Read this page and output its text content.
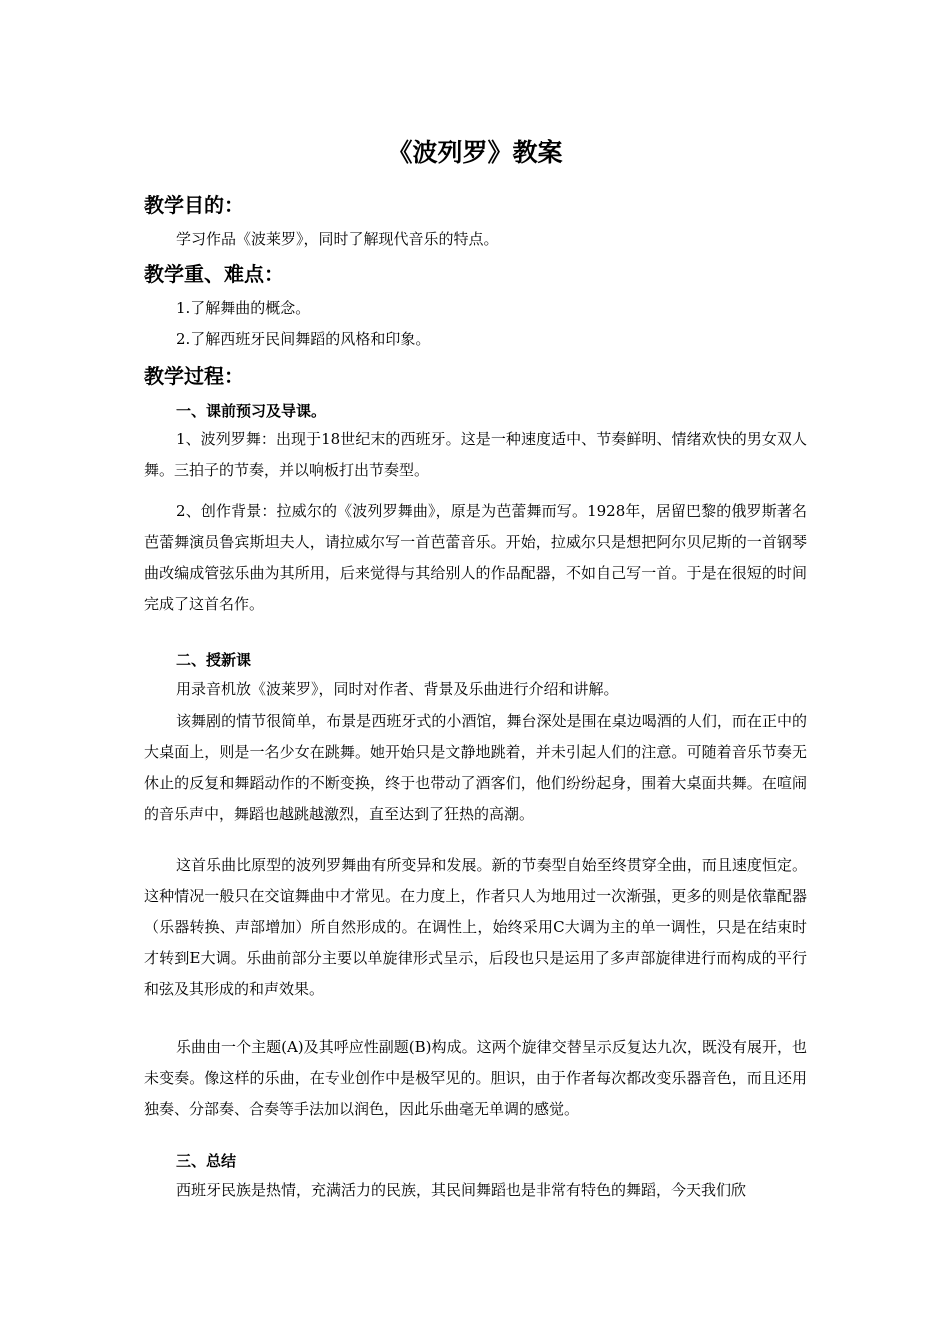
《波列罗》教案
教学目的：
学习作品《波莱罗》，同时了解现代音乐的特点。
教学重、难点：
1.了解舞曲的概念。
2.了解西班牙民间舞蹈的风格和印象。
教学过程：
一、课前预习及导课。
1、波列罗舞：出现于18世纪末的西班牙。这是一种速度适中、节奏鲜明、情绪欢快的男女双人舞。三拍子的节奏，并以响板打出节奏型。
2、创作背景：拉威尔的《波列罗舞曲》，原是为芭蕾舞而写。1928年，居留巴黎的俄罗斯著名芭蕾舞演员鲁宾斯坦夫人，请拉威尔写一首芭蕾音乐。开始，拉威尔只是想把阿尔贝尼斯的一首钢琴曲改编成管弦乐曲为其所用，后来觉得与其给别人的作品配器，不如自己写一首。于是在很短的时间完成了这首名作。
二、授新课
用录音机放《波莱罗》，同时对作者、背景及乐曲进行介绍和讲解。
该舞剧的情节很简单，布景是西班牙式的小酒馆，舞台深处是围在桌边喝酒的人们，而在正中的大桌面上，则是一名少女在跳舞。她开始只是文静地跳着，并未引起人们的注意。可随着音乐节奏无休止的反复和舞蹈动作的不断变换，终于也带动了酒客们，他们纷纷起身，围着大桌面共舞。在喧闹的音乐声中，舞蹈也越跳越激烈，直至达到了狂热的高潮。
这首乐曲比原型的波列罗舞曲有所变异和发展。新的节奏型自始至终贯穿全曲，而且速度恒定。这种情况一般只在交谊舞曲中才常见。在力度上，作者只人为地用过一次渐强，更多的则是依靠配器（乐器转换、声部增加）所自然形成的。在调性上，始终采用C大调为主的单一调性，只是在结束时才转到E大调。乐曲前部分主要以单旋律形式呈示，后段也只是运用了多声部旋律进行而构成的平行和弦及其形成的和声效果。
乐曲由一个主题(A)及其呼应性副题(B)构成。这两个旋律交替呈示反复达九次，既没有展开，也未变奏。像这样的乐曲，在专业创作中是极罕见的。胆识，由于作者每次都改变乐器音色，而且还用独奏、分部奏、合奏等手法加以润色，因此乐曲毫无单调的感觉。
三、总结
西班牙民族是热情，充满活力的民族，其民间舞蹈也是非常有特色的舞蹈，今天我们欣
